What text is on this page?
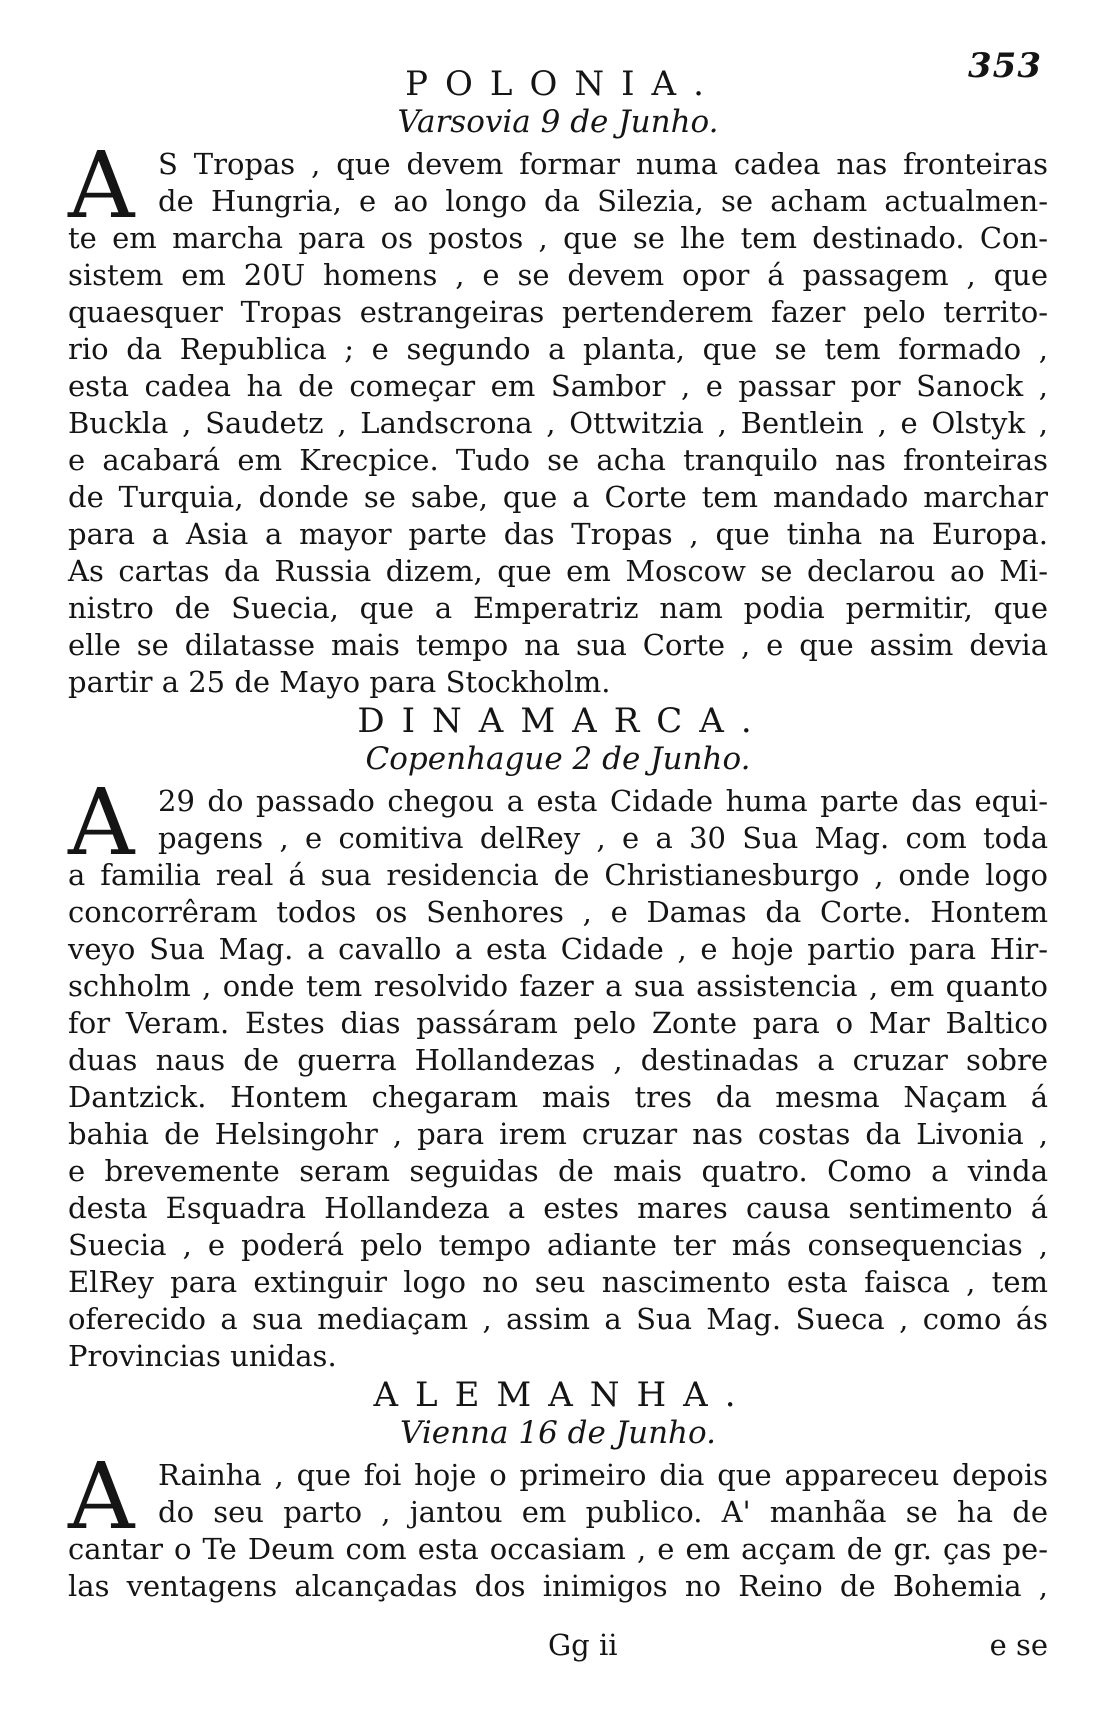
353
POLONIA.
Varsovia 9 de Junho.
A S Tropas , que devem formar numa cadea nas fronteiras
de Hungria, e ao longo da Silezia, se acham actualmen-
te em marcha para os postos , que se lhe tem destinado. Con-
sistem em 20U homens , e se devem opor á passagem , que
quaesquer Tropas estrangeiras pertenderem fazer pelo territo-
rio da Republica ; e segundo a planta, que se tem formado ,
esta cadea ha de começar em Sambor , e passar por Sanock ,
Buckla , Saudetz , Landscrona , Ottwitzia , Bentlein , e Olstyk ,
e acabará em Krecpice. Tudo se acha tranquilo nas fronteiras
de Turquia, donde se sabe, que a Corte tem mandado marchar
para a Asia a mayor parte das Tropas , que tinha na Europa.
As cartas da Russia dizem, que em Moscow se declarou ao Mi-
nistro de Suecia, que a Emperatriz nam podia permitir, que
elle se dilatasse mais tempo na sua Corte , e que assim devia
partir a 25 de Mayo para Stockholm.
DINAMARCA.
Copenhague 2 de Junho.
A 29 do passado chegou a esta Cidade huma parte das equi-
pagens , e comitiva delRey , e a 30 Sua Mag. com toda
a familia real á sua residencia de Christianesburgo , onde logo
concorrêram todos os Senhores , e Damas da Corte. Hontem
veyo Sua Mag. a cavallo a esta Cidade , e hoje partio para Hir-
schholm , onde tem resolvido fazer a sua assistencia , em quanto
for Veram. Estes dias passáram pelo Zonte para o Mar Baltico
duas naus de guerra Hollandezas , destinadas a cruzar sobre
Dantzick. Hontem chegaram mais tres da mesma Naçam á
bahia de Helsingohr , para irem cruzar nas costas da Livonia ,
e brevemente seram seguidas de mais quatro. Como a vinda
desta Esquadra Hollandeza a estes mares causa sentimento á
Suecia , e poderá pelo tempo adiante ter más consequencias ,
ElRey para extinguir logo no seu nascimento esta faisca , tem
oferecido a sua mediaçam , assim a Sua Mag. Sueca , como ás
Provincias unidas.
ALEMANHA.
Vienna 16 de Junho.
A Rainha , que foi hoje o primeiro dia que appareceu depois
do seu parto , jantou em publico. A' manhãa se ha de
cantar o Te Deum com esta occasiam , e em acçam de gr. ças pe-
las ventagens alcançadas dos inimigos no Reino de Bohemia ,
Gg ii	e se
